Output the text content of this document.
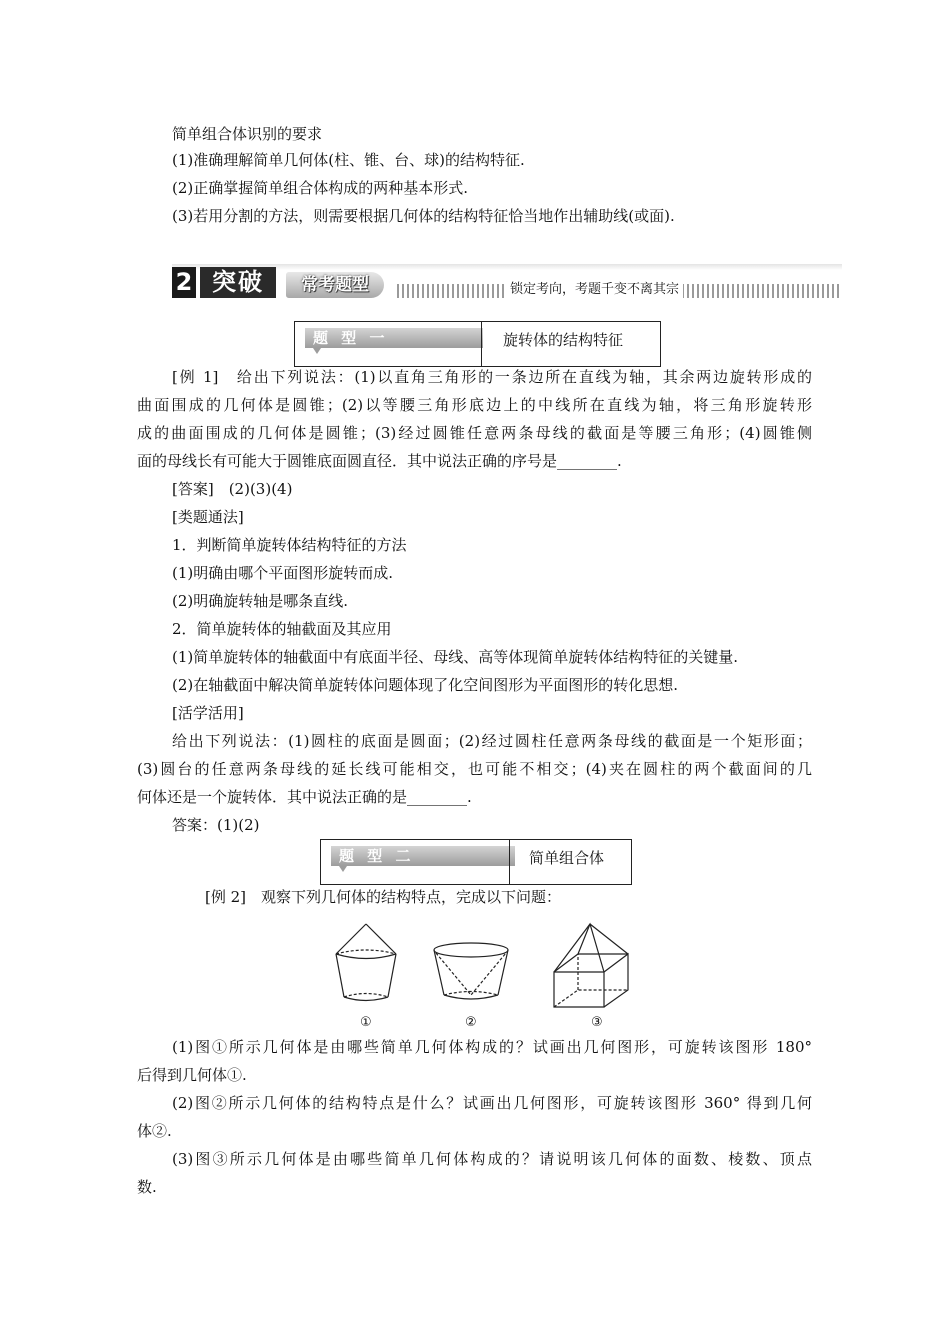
简单组合体识别的要求
(1)准确理解简单几何体(柱、锥、台、球)的结构特征.
(2)正确掌握简单组合体构成的两种基本形式.
(3)若用分割的方法，则需要根据几何体的结构特征恰当地作出辅助线(或面).
2 突破	常考题型	锁定考向，考题千变不离其宗
题 型 一	旋转体的结构特征
[例 1]　给出下列说法：(1)以直角三角形的一条边所在直线为轴，其余两边旋转形成的
曲面围成的几何体是圆锥；(2)以等腰三角形底边上的中线所在直线为轴，将三角形旋转形
成的曲面围成的几何体是圆锥；(3)经过圆锥任意两条母线的截面是等腰三角形；(4)圆锥侧
面的母线长有可能大于圆锥底面圆直径．其中说法正确的序号是________.
[答案]　(2)(3)(4)
[类题通法]
1．判断简单旋转体结构特征的方法
(1)明确由哪个平面图形旋转而成.
(2)明确旋转轴是哪条直线.
2．简单旋转体的轴截面及其应用
(1)简单旋转体的轴截面中有底面半径、母线、高等体现简单旋转体结构特征的关键量.
(2)在轴截面中解决简单旋转体问题体现了化空间图形为平面图形的转化思想.
[活学活用]
给出下列说法：(1)圆柱的底面是圆面；(2)经过圆柱任意两条母线的截面是一个矩形面；
(3)圆台的任意两条母线的延长线可能相交，也可能不相交；(4)夹在圆柱的两个截面间的几
何体还是一个旋转体．其中说法正确的是________.
答案：(1)(2)
题 型 二	简单组合体
[例 2]　观察下列几何体的结构特点，完成以下问题：
①	②	③
(1)图①所示几何体是由哪些简单几何体构成的？试画出几何图形，可旋转该图形 180°
后得到几何体①.
(2)图②所示几何体的结构特点是什么？试画出几何图形，可旋转该图形 360° 得到几何
体②.
(3)图③所示几何体是由哪些简单几何体构成的？请说明该几何体的面数、棱数、顶点
数.
